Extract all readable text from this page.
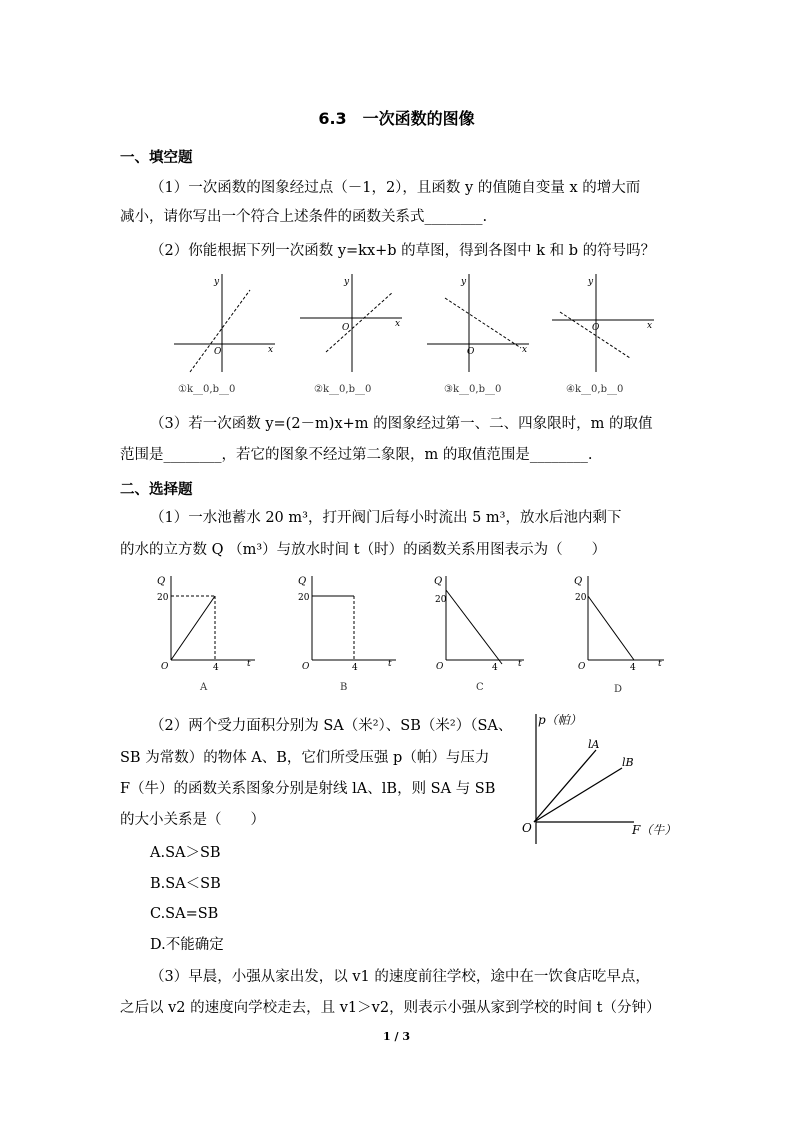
6.3　一次函数的图像
一、填空题
（1）一次函数的图象经过点（－1，2），且函数 y 的值随自变量 x 的增大而
减小，请你写出一个符合上述条件的函数关系式________.
（2）你能根据下列一次函数 y=kx+b 的草图，得到各图中 k 和 b 的符号吗？
y
x
O
①k__0,b__0
y
x
O
②k__0,b__0
y
x
O
③k__0,b__0
y
x
O
④k__0,b__0
（3）若一次函数 y=(2－m)x+m 的图象经过第一、二、四象限时，m 的取值
范围是________，若它的图象不经过第二象限，m 的取值范围是________.
二、选择题
（1）一水池蓄水 20 m³，打开阀门后每小时流出 5 m³，放水后池内剩下
的水的立方数 Q （m³）与放水时间 t（时）的函数关系用图表示为（　　）
Q
t
20
4
O
A
Q
t
20
4
O
B
Q
t
20
4
O
C
Q
t
20
4
O
D
（2）两个受力面积分别为 SA（米²）、SB（米²）（SA、
SB 为常数）的物体 A、B，它们所受压强 p（帕）与压力
F（牛）的函数关系图象分别是射线 lA、lB，则 SA 与 SB
的大小关系是（　　）
A.SA＞SB
B.SA＜SB
C.SA=SB
D.不能确定
p（帕）
F（牛）
O
lA
lB
（3）早晨，小强从家出发，以 v1 的速度前往学校，途中在一饮食店吃早点，
之后以 v2 的速度向学校走去，且 v1＞v2，则表示小强从家到学校的时间 t（分钟）
1 / 3
